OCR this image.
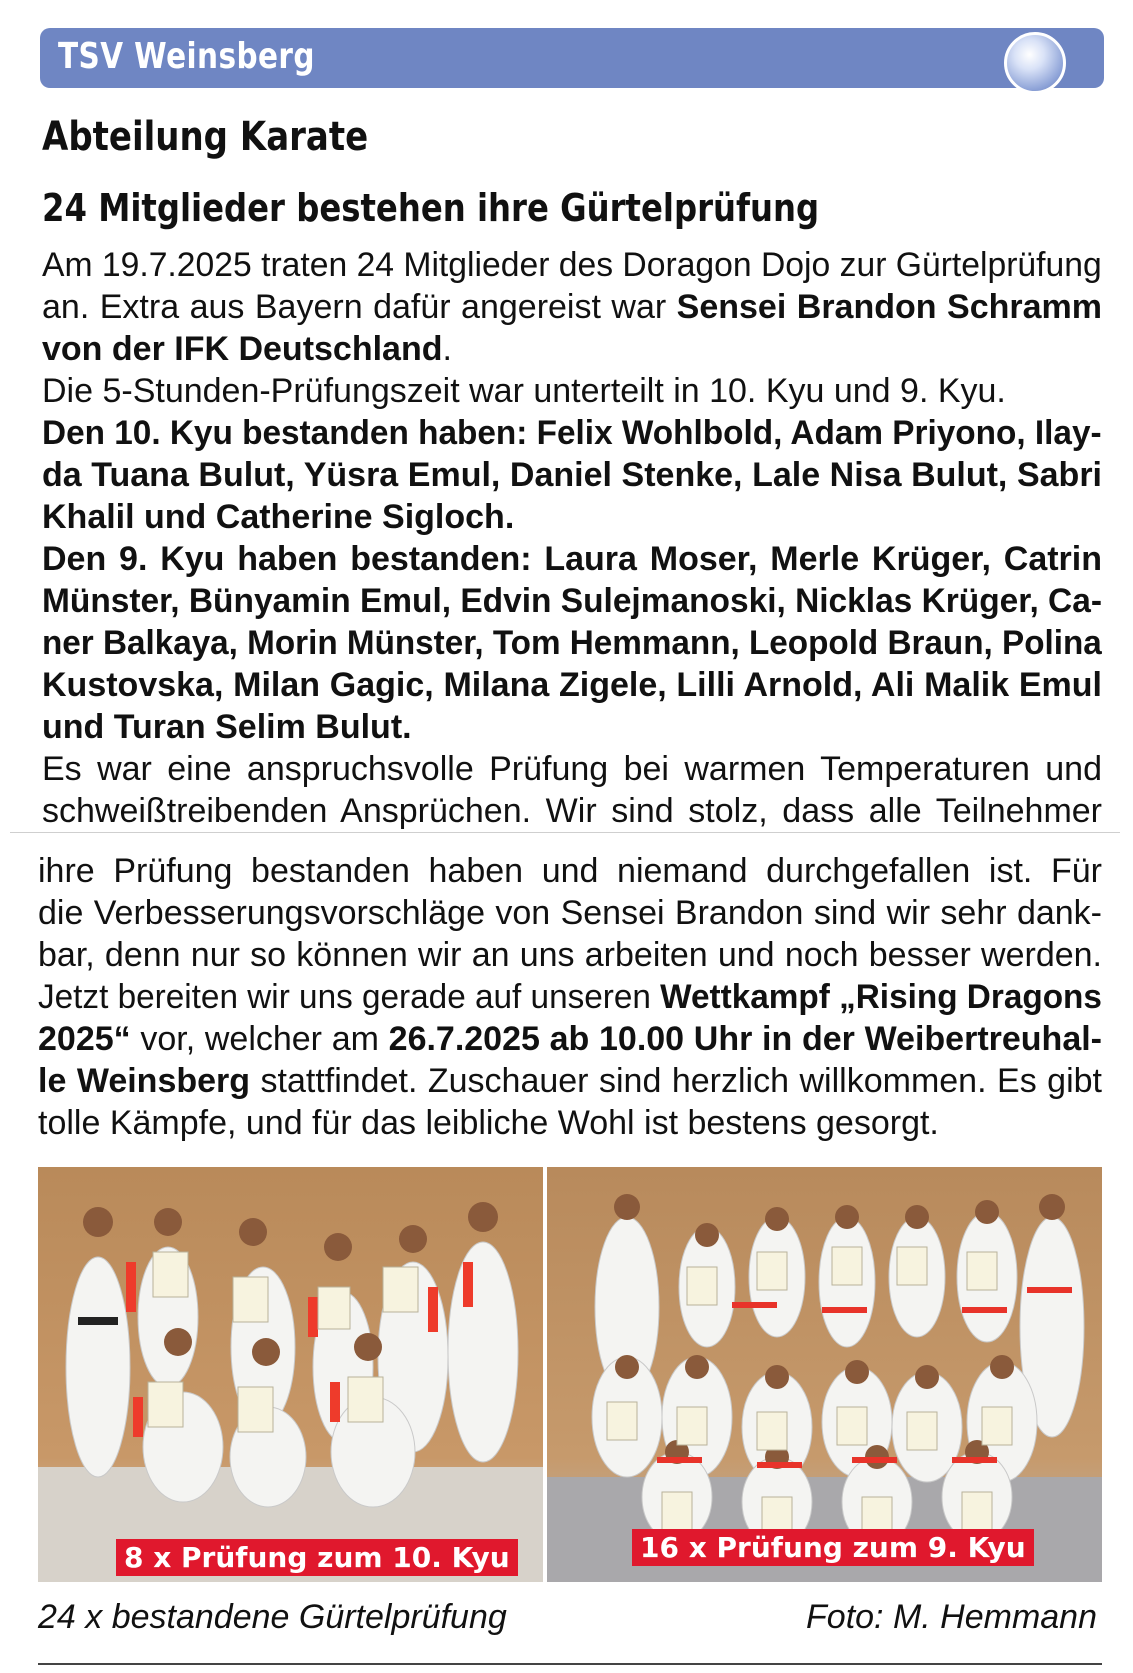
TSV Weinsberg
Abteilung Karate
24 Mitglieder bestehen ihre Gürtelprüfung
Am 19.7.2025 traten 24 Mitglieder des Doragon Dojo zur Gürtelprüfung
an. Extra aus Bayern dafür angereist war Sensei Brandon Schramm
von der IFK Deutschland.
Die 5-Stunden-Prüfungszeit war unterteilt in 10. Kyu und 9. Kyu.
Den 10. Kyu bestanden haben: Felix Wohlbold, Adam Priyono, Ilay-
da Tuana Bulut, Yüsra Emul, Daniel Stenke, Lale Nisa Bulut, Sabri
Khalil und Catherine Sigloch.
Den 9. Kyu haben bestanden: Laura Moser, Merle Krüger, Catrin
Münster, Bünyamin Emul, Edvin Sulejmanoski, Nicklas Krüger, Ca-
ner Balkaya, Morin Münster, Tom Hemmann, Leopold Braun, Polina
Kustovska, Milan Gagic, Milana Zigele, Lilli Arnold, Ali Malik Emul
und Turan Selim Bulut.
Es war eine anspruchsvolle Prüfung bei warmen Temperaturen und
schweißtreibenden Ansprüchen. Wir sind stolz, dass alle Teilnehmer
ihre Prüfung bestanden haben und niemand durchgefallen ist. Für
die Verbesserungsvorschläge von Sensei Brandon sind wir sehr dank-
bar, denn nur so können wir an uns arbeiten und noch besser werden.
Jetzt bereiten wir uns gerade auf unseren Wettkampf „Rising Dragons
2025“ vor, welcher am 26.7.2025 ab 10.00 Uhr in der Weibertreuhal-
le Weinsberg stattfindet. Zuschauer sind herzlich willkommen. Es gibt
tolle Kämpfe, und für das leibliche Wohl ist bestens gesorgt.
8 x Prüfung zum 10. Kyu	16 x Prüfung zum 9. Kyu
24 x bestandene Gürtelprüfung	Foto: M. Hemmann
